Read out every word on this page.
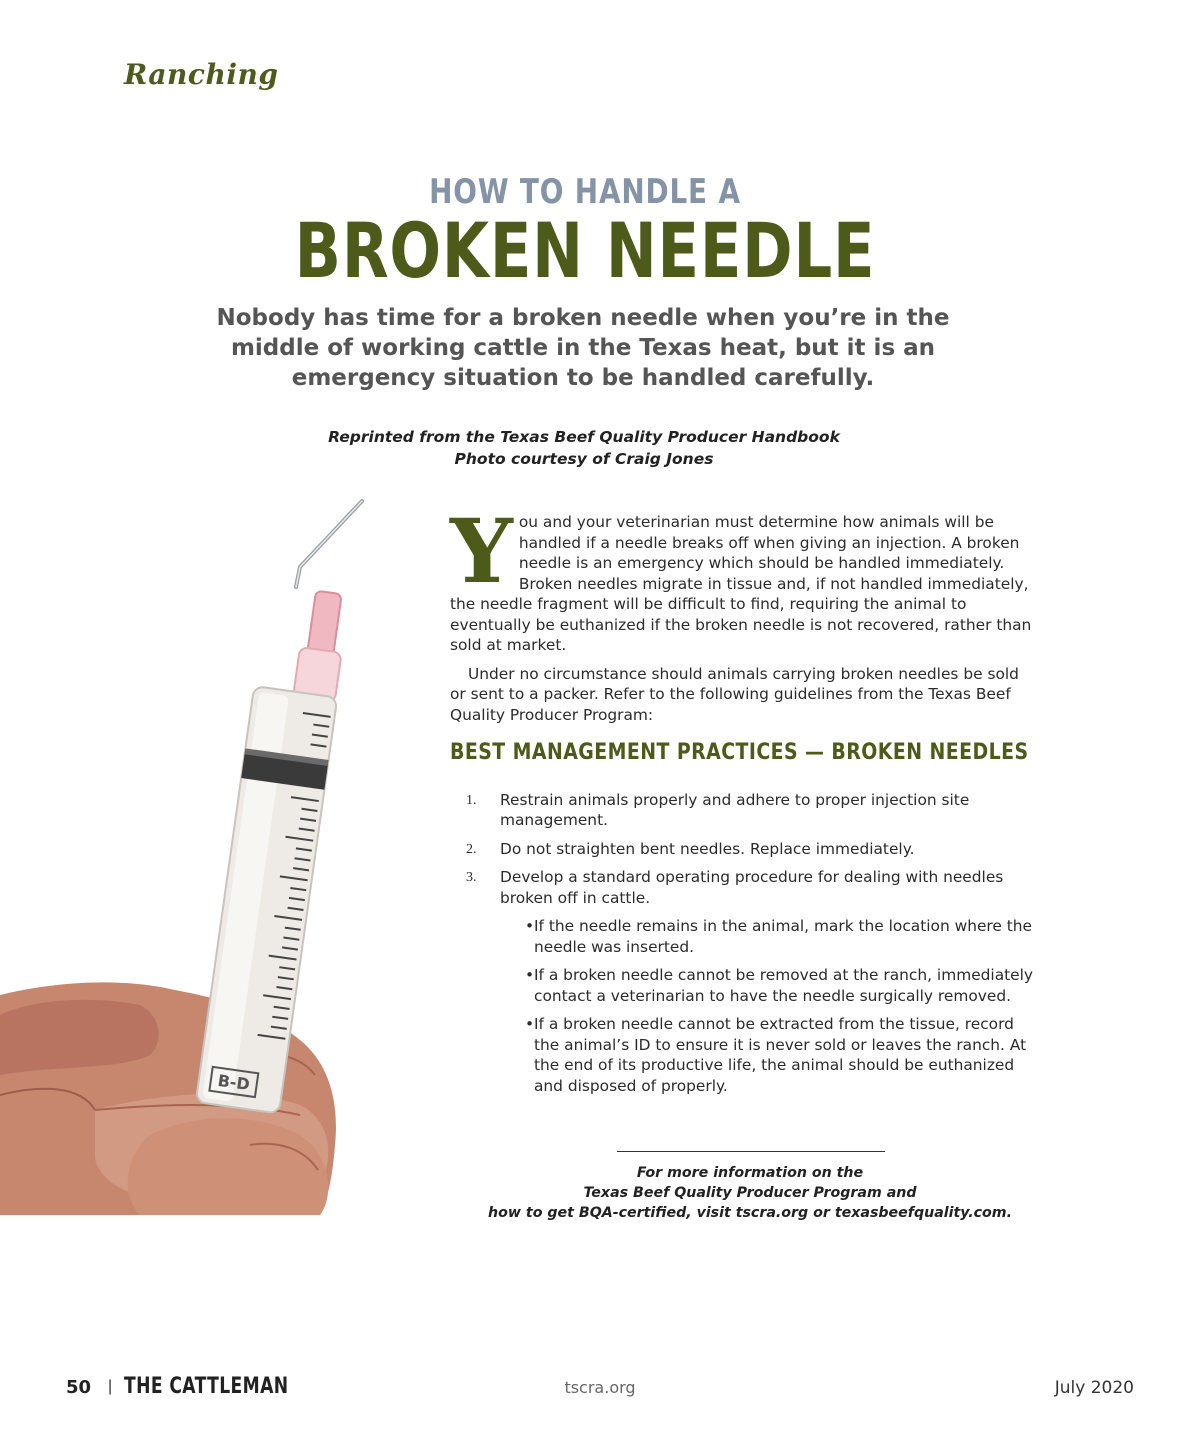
Ranching
HOW TO HANDLE A
BROKEN NEEDLE
Nobody has time for a broken needle when you’re in the middle of working cattle in the Texas heat, but it is an emergency situation to be handled carefully.
Reprinted from the Texas Beef Quality Producer Handbook
Photo courtesy of Craig Jones
B-D

You and your veterinarian must determine how animals will be handled if a needle breaks off when giving an injection. A broken needle is an emergency which should be handled immediately. Broken needles migrate in tissue and, if not handled immediately, the needle fragment will be difficult to find, requiring the animal to eventually be euthanized if the broken needle is not recovered, rather than sold at market.

Under no circumstance should animals carrying broken needles be sold or sent to a packer. Refer to the following guidelines from the Texas Beef Quality Producer Program:

BEST MANAGEMENT PRACTICES — BROKEN NEEDLES
1. Restrain animals properly and adhere to proper injection site management.
2. Do not straighten bent needles. Replace immediately.
3. Develop a standard operating procedure for dealing with needles broken off in cattle.
• If the needle remains in the animal, mark the location where the needle was inserted.
• If a broken needle cannot be removed at the ranch, immediately contact a veterinarian to have the needle surgically removed.
• If a broken needle cannot be extracted from the tissue, record the animal’s ID to ensure it is never sold or leaves the ranch. At the end of its productive life, the animal should be euthanized and disposed of properly.
For more information on the
Texas Beef Quality Producer Program and
how to get BQA-certified, visit tscra.org or texasbeefquality.com.
50 | THE CATTLEMAN	tscra.org	July 2020
